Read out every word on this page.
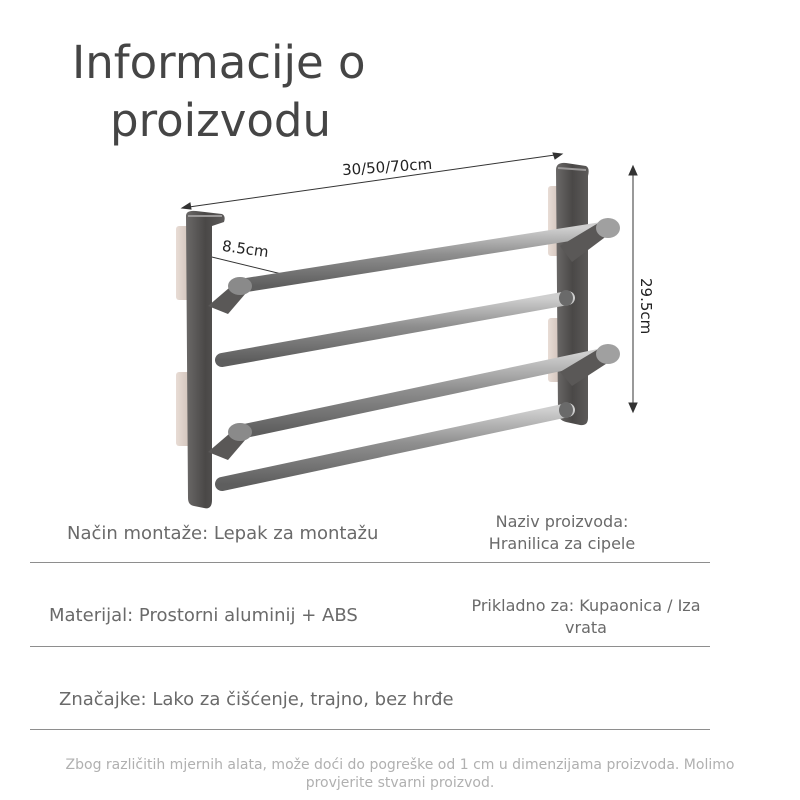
Informacije o
proizvodu
30/50/70cm
8.5cm
29.5cm
Način montaže: Lepak za montažu
Naziv proizvoda:
Hranilica za cipele
Materijal: Prostorni aluminij + ABS	Prikladno za: Kupaonica / Iza
vrata
Značajke: Lako za čišćenje, trajno, bez hrđe
Zbog različitih mjernih alata, može doći do pogreške od 1 cm u dimenzijama proizvoda. Molimo
provjerite stvarni proizvod.
